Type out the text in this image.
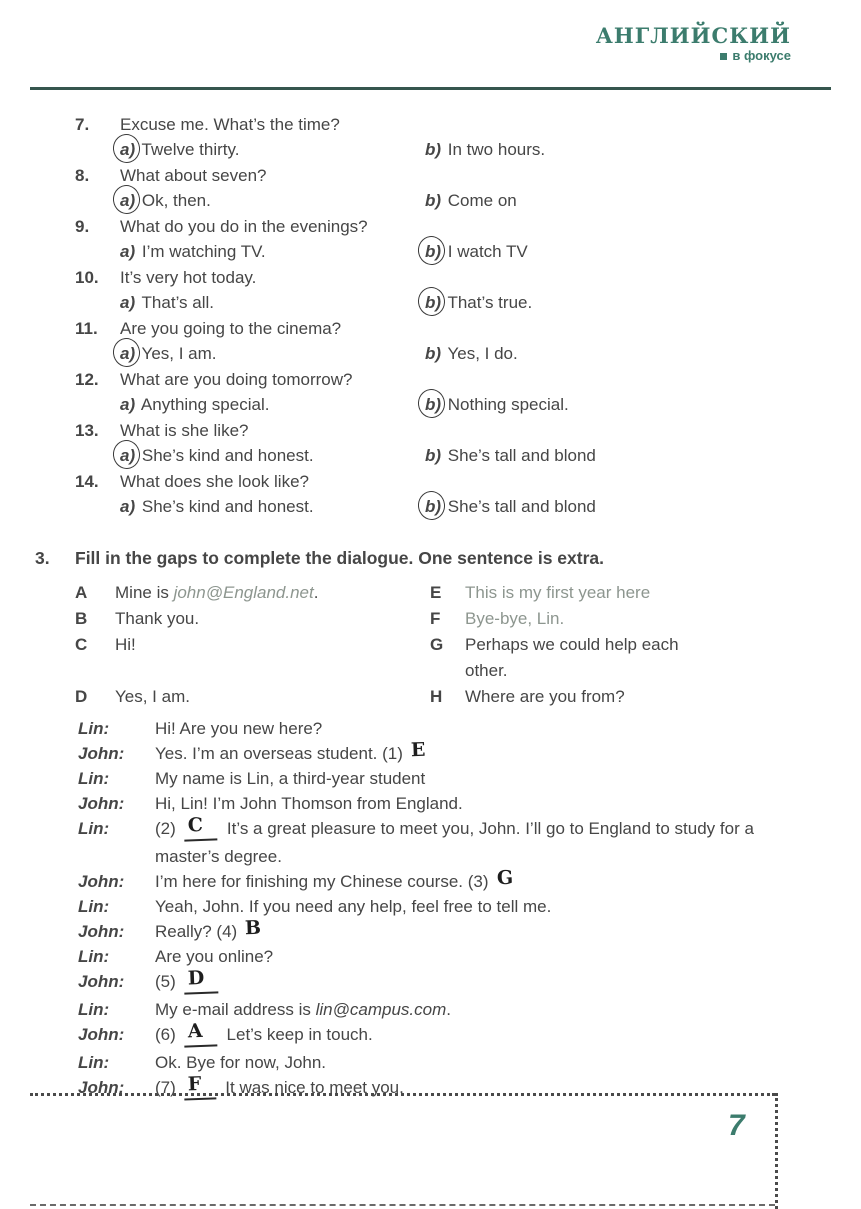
АНГЛИЙСКИЙ
в фокусе
7.	Excuse me. What’s the time?
a) Twelve thirty.	b) In two hours.
8.	What about seven?
a) Ok, then.	b) Come on
9.	What do you do in the evenings?
a) I’m watching TV.	b) I watch TV
10.	It’s very hot today.
a) That’s all.	b) That’s true.
11.	Are you going to the cinema?
a) Yes, I am.	b) Yes, I do.
12.	What are you doing tomorrow?
a) Anything special.	b) Nothing special.
13.	What is she like?
a) She’s kind and honest.	b) She’s tall and blond
14.	What does she look like?
a) She’s kind and honest.	b) She’s tall and blond
3.	Fill in the gaps to complete the dialogue. One sentence is extra.
A	Mine is john@England.net.	E	This is my first year here
B	Thank you.	F	Bye-bye, Lin.
C	Hi!	G	Perhaps we could help each other.
D	Yes, I am.	H	Where are you from?
Lin:	Hi! Are you new here?
John:	Yes. I’m an overseas student. (1) E
Lin:	My name is Lin, a third-year student
John:	Hi, Lin! I’m John Thomson from England.
Lin:	(2) C It’s a great pleasure to meet you, John. I’ll go to England to study for a master’s degree.
John:	I’m here for finishing my Chinese course. (3) G
Lin:	Yeah, John. If you need any help, feel free to tell me.
John:	Really? (4) B
Lin:	Are you online?
John:	(5) D
Lin:	My e-mail address is lin@campus.com.
John:	(6) A Let’s keep in touch.
Lin:	Ok. Bye for now, John.
John:	(7) F It was nice to meet you.
7
